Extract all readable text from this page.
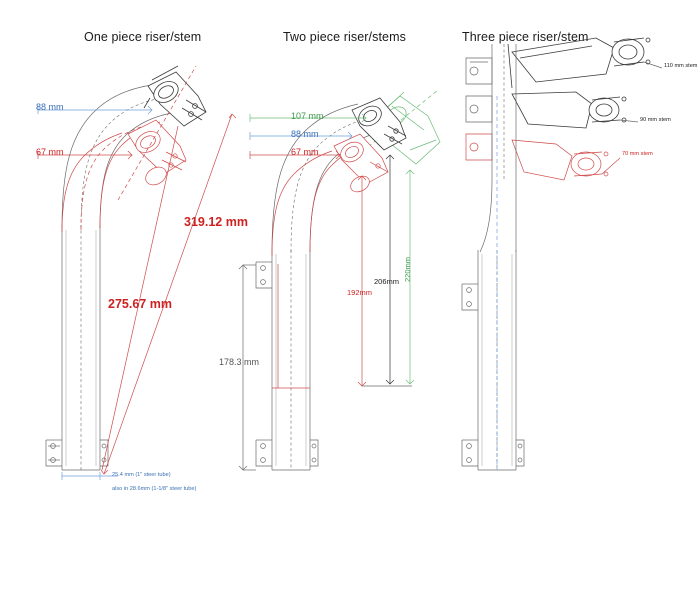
One piece riser/stem	Two piece riser/stems	Three piece riser/stem
88 mm
67 mm
319.12 mm
275.67 mm
25.4 mm (1" steer tube)
also in 28.6mm (1-1/8" steer tube)
107 mm
88 mm
67 mm
220mm
206mm
192mm
178.3 mm
110 mm stem
90 mm stem
70 mm stem
